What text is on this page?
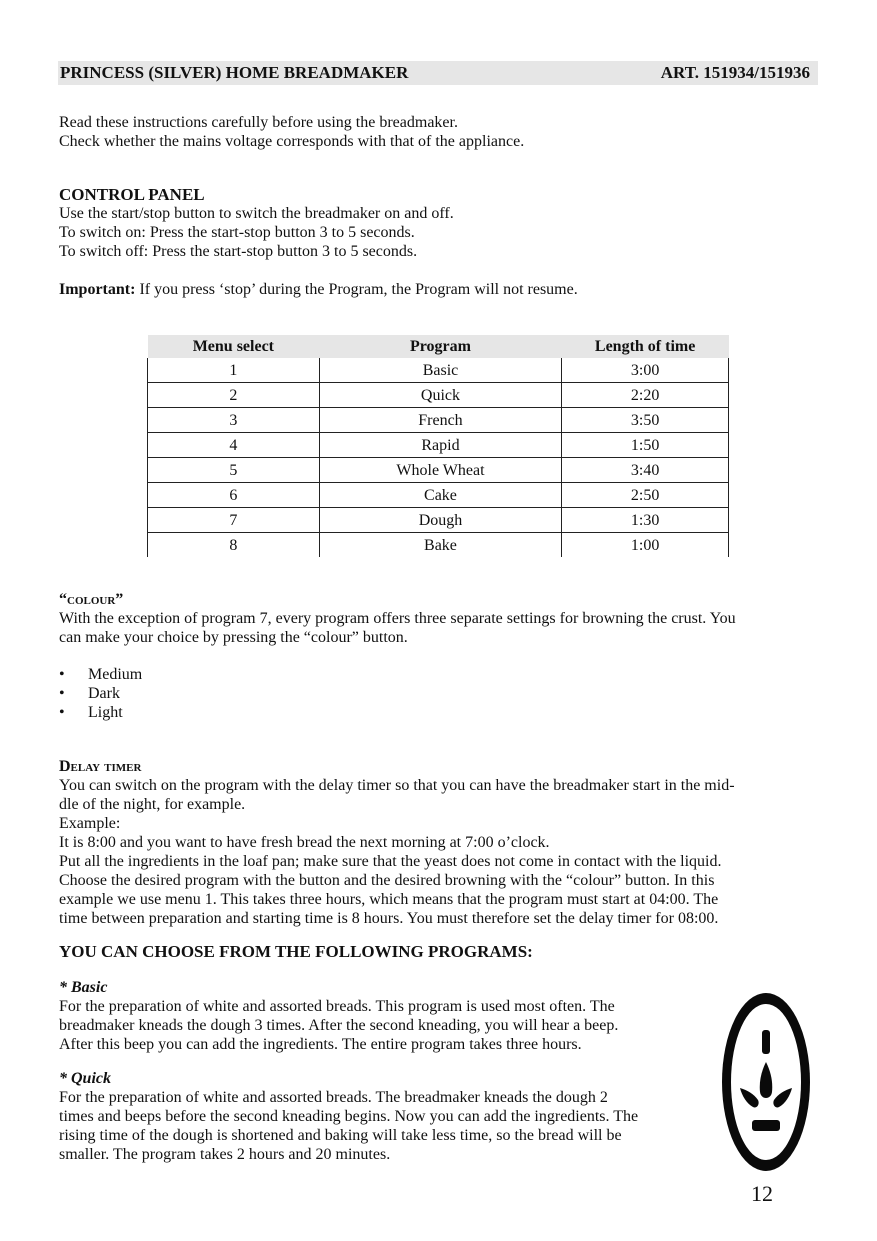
PRINCESS (SILVER) HOME BREADMAKER	ART. 151934/151936
Read these instructions carefully before using the breadmaker.
Check whether the mains voltage corresponds with that of the appliance.
CONTROL PANEL
Use the start/stop button to switch the breadmaker on and off.
To switch on: Press the start-stop button 3 to 5 seconds.
To switch off: Press the start-stop button 3 to 5 seconds.
Important: If you press ‘stop’ during the Program, the Program will not resume.
Menu select	Program	Length of time
1	Basic	3:00
2	Quick	2:20
3	French	3:50
4	Rapid	1:50
5	Whole Wheat	3:40
6	Cake	2:50
7	Dough	1:30
8	Bake	1:00
“colour”
With the exception of program 7, every program offers three separate settings for browning the crust. You
can make your choice by pressing the “colour” button.
• Medium
• Dark
• Light
Delay timer
You can switch on the program with the delay timer so that you can have the breadmaker start in the mid-
dle of the night, for example.
Example:
It is 8:00 and you want to have fresh bread the next morning at 7:00 o’clock.
Put all the ingredients in the loaf pan; make sure that the yeast does not come in contact with the liquid.
Choose the desired program with the button and the desired browning with the “colour” button. In this
example we use menu 1. This takes three hours, which means that the program must start at 04:00. The
time between preparation and starting time is 8 hours. You must therefore set the delay timer for 08:00.
YOU CAN CHOOSE FROM THE FOLLOWING PROGRAMS:
* Basic
For the preparation of white and assorted breads. This program is used most often. The
breadmaker kneads the dough 3 times. After the second kneading, you will hear a beep.
After this beep you can add the ingredients. The entire program takes three hours.
* Quick
For the preparation of white and assorted breads. The breadmaker kneads the dough 2
times and beeps before the second kneading begins. Now you can add the ingredients. The
rising time of the dough is shortened and baking will take less time, so the bread will be
smaller. The program takes 2 hours and 20 minutes.
12
